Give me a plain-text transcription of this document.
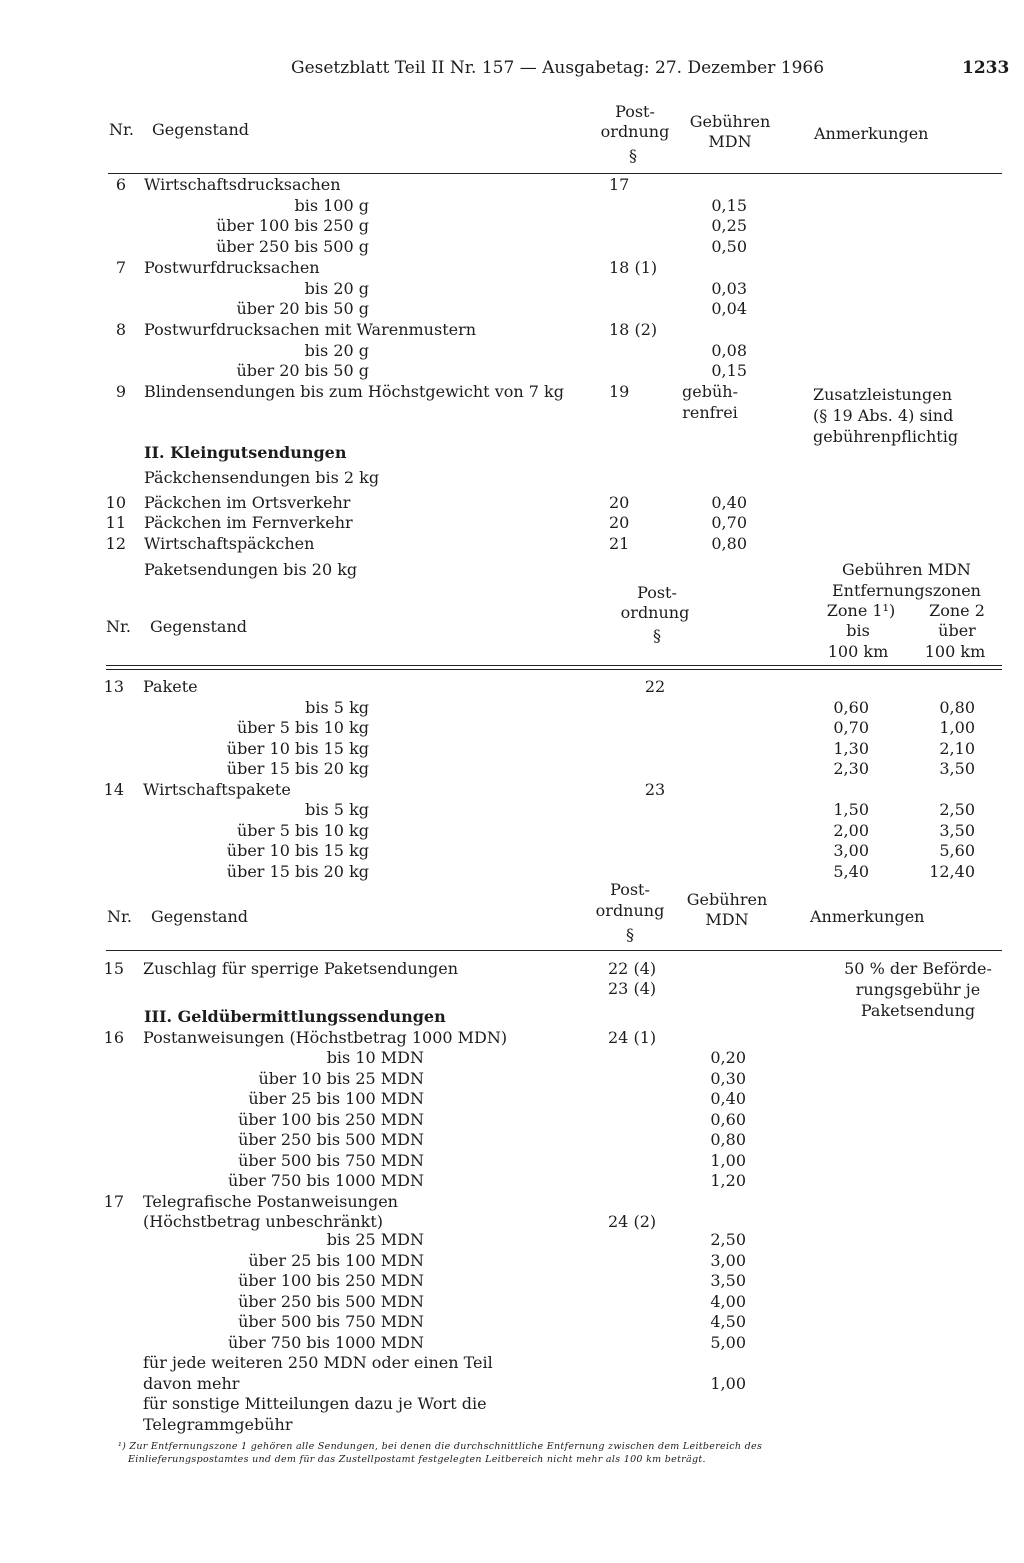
Gesetzblatt Teil II Nr. 157 — Ausgabetag: 27. Dezember 1966	1233
Nr. Gegenstand
Post-
ordnung
§
Gebühren
MDN	Anmerkungen
6 Wirtschaftsdrucksachen	17
bis 100 g	0,15
über 100 bis 250 g	0,25
über 250 bis 500 g	0,50
7 Postwurfdrucksachen	18 (1)
bis 20 g	0,03
über 20 bis 50 g	0,04
8 Postwurfdrucksachen mit Warenmustern	18 (2)
bis 20 g	0,08
über 20 bis 50 g	0,15
9 Blindensendungen bis zum Höchstgewicht von 7 kg	19	gebüh-
renfrei
Zusatzleistungen
(§ 19 Abs. 4) sind
gebührenpflichtig
II. Kleingutsendungen
Päckchensendungen bis 2 kg
10 Päckchen im Ortsverkehr	20	0,40
11 Päckchen im Fernverkehr	20	0,70
12 Wirtschaftspäckchen	21	0,80
Paketsendungen bis 20 kg	Gebühren MDN
Entfernungszonen
Post-
ordnung
§
Nr. Gegenstand
Zone 1¹)
bis
100 km
Zone 2
über
100 km
13 Pakete	22
bis 5 kg	0,60	0,80
über 5 bis 10 kg	0,70	1,00
über 10 bis 15 kg	1,30	2,10
über 15 bis 20 kg	2,30	3,50
14 Wirtschaftspakete	23
bis 5 kg	1,50	2,50
über 5 bis 10 kg	2,00	3,50
über 10 bis 15 kg	3,00	5,60
über 15 bis 20 kg	5,40	12,40
Post-
ordnung
§
Gebühren
MDN
Nr. Gegenstand	Anmerkungen
15 Zuschlag für sperrige Paketsendungen	22 (4)
23 (4)
50 % der Beförde-
rungsgebühr je
Paketsendung
III. Geldübermittlungssendungen
16 Postanweisungen (Höchstbetrag 1000 MDN)	24 (1)
bis 10 MDN	0,20
über 10 bis 25 MDN	0,30
über 25 bis 100 MDN	0,40
über 100 bis 250 MDN	0,60
über 250 bis 500 MDN	0,80
über 500 bis 750 MDN	1,00
über 750 bis 1000 MDN	1,20
17 Telegrafische Postanweisungen
(Höchstbetrag unbeschränkt)	24 (2)
bis 25 MDN	2,50
über 25 bis 100 MDN	3,00
über 100 bis 250 MDN	3,50
über 250 bis 500 MDN	4,00
über 500 bis 750 MDN	4,50
über 750 bis 1000 MDN	5,00
für jede weiteren 250 MDN oder einen Teil
davon mehr	1,00
für sonstige Mitteilungen dazu je Wort die
Telegrammgebühr
¹) Zur Entfernungszone 1 gehören alle Sendungen, bei denen die durchschnittliche Entfernung zwischen dem Leitbereich des
Einlieferungspostamtes und dem für das Zustellpostamt festgelegten Leitbereich nicht mehr als 100 km beträgt.
